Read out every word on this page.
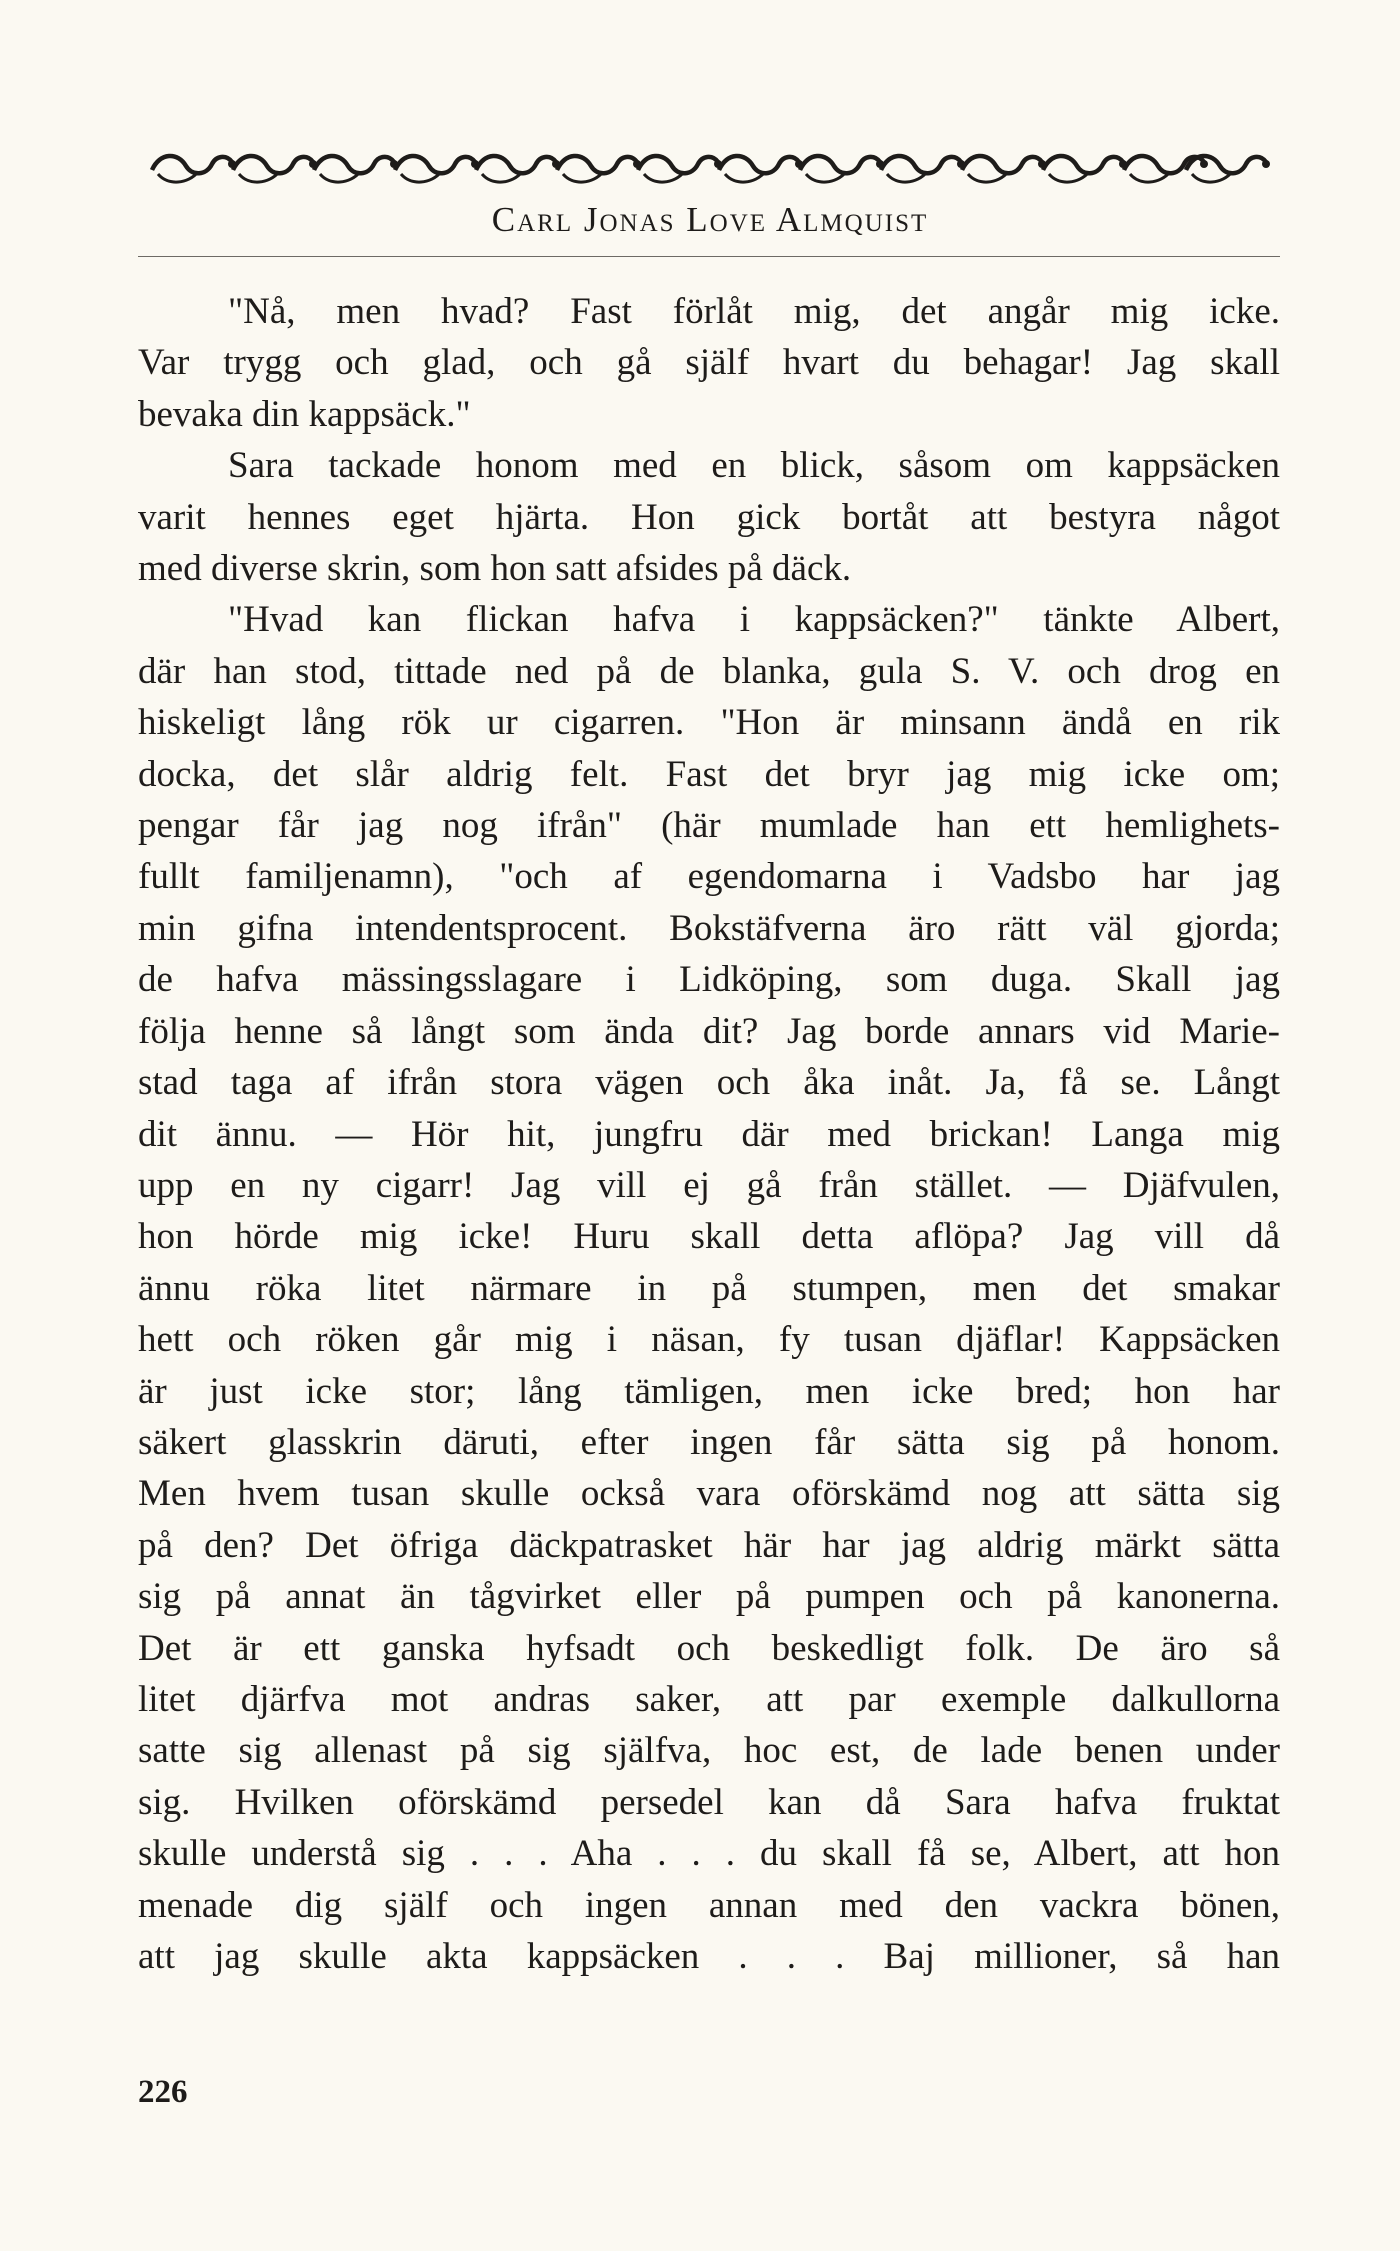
Carl Jonas Love Almquist

"Nå, men hvad? Fast förlåt mig, det angår mig icke.
Var trygg och glad, och gå själf hvart du behagar! Jag skall
bevaka din kappsäck."

Sara tackade honom med en blick, såsom om kappsäcken
varit hennes eget hjärta. Hon gick bortåt att bestyra något
med diverse skrin, som hon satt afsides på däck.

"Hvad kan flickan hafva i kappsäcken?" tänkte Albert,
där han stod, tittade ned på de blanka, gula S. V. och drog en
hiskeligt lång rök ur cigarren. "Hon är minsann ändå en rik
docka, det slår aldrig felt. Fast det bryr jag mig icke om;
pengar får jag nog ifrån" (här mumlade han ett hemlighets-
fullt familjenamn), "och af egendomarna i Vadsbo har jag
min gifna intendentsprocent. Bokstäfverna äro rätt väl gjorda;
de hafva mässingsslagare i Lidköping, som duga. Skall jag
följa henne så långt som ända dit? Jag borde annars vid Marie-
stad taga af ifrån stora vägen och åka inåt. Ja, få se. Långt
dit ännu. — Hör hit, jungfru där med brickan! Langa mig
upp en ny cigarr! Jag vill ej gå från stället. — Djäfvulen,
hon hörde mig icke! Huru skall detta aflöpa? Jag vill då
ännu röka litet närmare in på stumpen, men det smakar
hett och röken går mig i näsan, fy tusan djäflar! Kappsäcken
är just icke stor; lång tämligen, men icke bred; hon har
säkert glasskrin däruti, efter ingen får sätta sig på honom.
Men hvem tusan skulle också vara oförskämd nog att sätta sig
på den? Det öfriga däckpatrasket här har jag aldrig märkt sätta
sig på annat än tågvirket eller på pumpen och på kanonerna.
Det är ett ganska hyfsadt och beskedligt folk. De äro så
litet djärfva mot andras saker, att par exemple dalkullorna
satte sig allenast på sig själfva, hoc est, de lade benen under
sig. Hvilken oförskämd persedel kan då Sara hafva fruktat
skulle understå sig . . . Aha . . . du skall få se, Albert, att hon
menade dig själf och ingen annan med den vackra bönen,
att jag skulle akta kappsäcken . . . Baj millioner, så han

226
